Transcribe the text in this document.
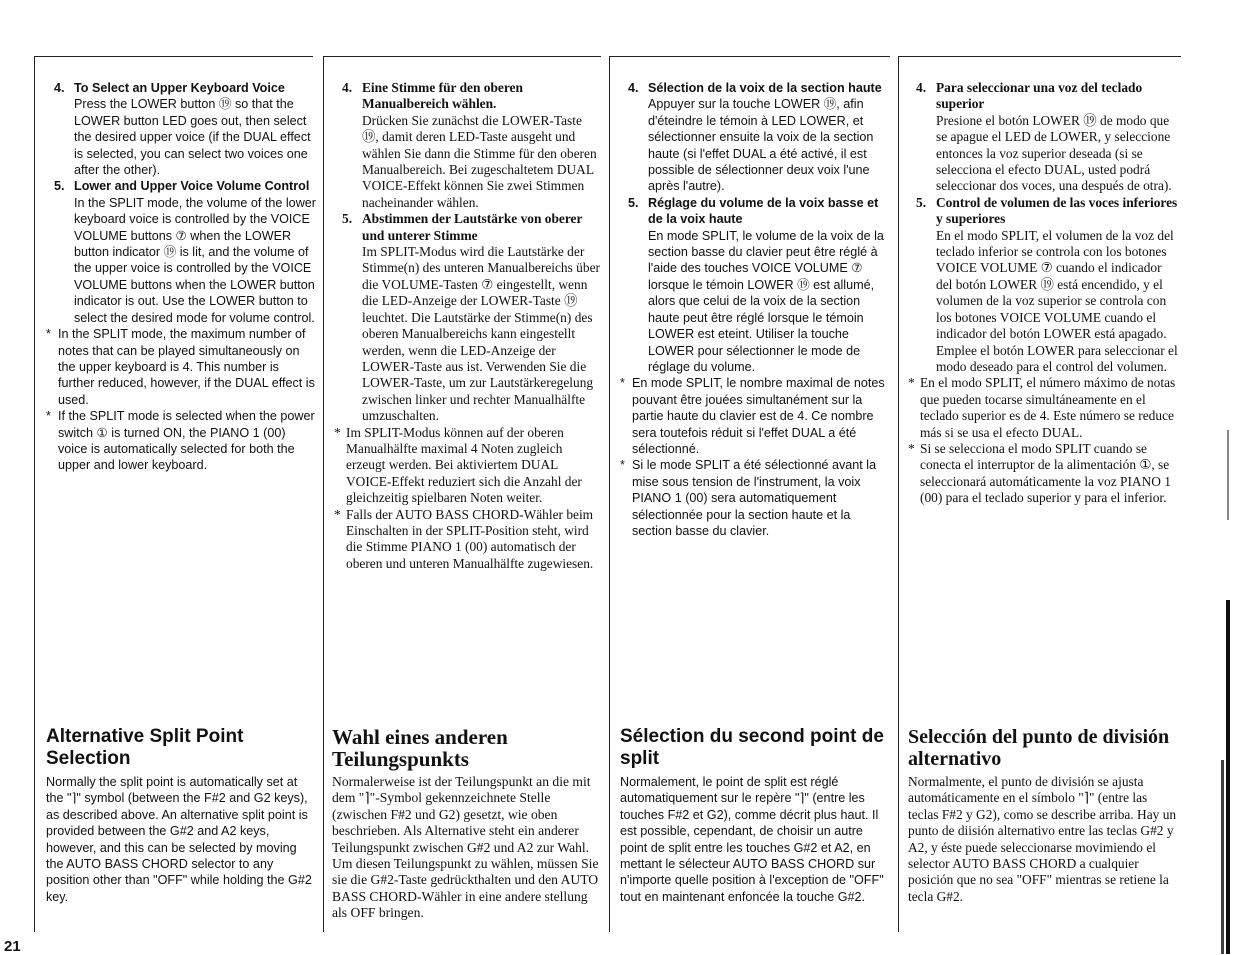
4. To Select an Upper Keyboard Voice
Press the LOWER button ⑲ so that the LOWER button LED goes out, then select the desired upper voice (if the DUAL effect is selected, you can select two voices one after the other).
5. Lower and Upper Voice Volume Control
In the SPLIT mode, the volume of the lower keyboard voice is controlled by the VOICE VOLUME buttons ⑦ when the LOWER button indicator ⑲ is lit, and the volume of the upper voice is controlled by the VOICE VOLUME buttons when the LOWER button indicator is out. Use the LOWER button to select the desired mode for volume control.
* In the SPLIT mode, the maximum number of notes that can be played simultaneously on the upper keyboard is 4. This number is further reduced, however, if the DUAL effect is used.
* If the SPLIT mode is selected when the power switch ① is turned ON, the PIANO 1 (00) voice is automatically selected for both the upper and lower keyboard.
4. Eine Stimme für den oberen Manualbereich wählen.
Drücken Sie zunächst die LOWER-Taste ⑲, damit deren LED-Taste ausgeht und wählen Sie dann die Stimme für den oberen Manualbereich. Bei zugeschaltetem DUAL VOICE-Effekt können Sie zwei Stimmen nacheinander wählen.
5. Abstimmen der Lautstärke von oberer und unterer Stimme
Im SPLIT-Modus wird die Lautstärke der Stimme(n) des unteren Manualbereichs über die VOLUME-Tasten ⑦ eingestellt, wenn die LED-Anzeige der LOWER-Taste ⑲ leuchtet. Die Lautstärke der Stimme(n) des oberen Manualbereichs kann eingestellt werden, wenn die LED-Anzeige der LOWER-Taste aus ist. Verwenden Sie die LOWER-Taste, um zur Lautstärkeregelung zwischen linker und rechter Manualhälfte umzuschalten.
* Im SPLIT-Modus können auf der oberen Manualhälfte maximal 4 Noten zugleich erzeugt werden. Bei aktiviertem DUAL VOICE-Effekt reduziert sich die Anzahl der gleichzeitig spielbaren Noten weiter.
* Falls der AUTO BASS CHORD-Wähler beim Einschalten in der SPLIT-Position steht, wird die Stimme PIANO 1 (00) automatisch der oberen und unteren Manualhälfte zugewiesen.
4. Sélection de la voix de la section haute
Appuyer sur la touche LOWER ⑲, afin d'éteindre le témoin à LED LOWER, et sélectionner ensuite la voix de la section haute (si l'effet DUAL a été activé, il est possible de sélectionner deux voix l'une après l'autre).
5. Réglage du volume de la voix basse et de la voix haute
En mode SPLIT, le volume de la voix de la section basse du clavier peut être réglé à l'aide des touches VOICE VOLUME ⑦ lorsque le témoin LOWER ⑲ est allumé, alors que celui de la voix de la section haute peut être réglé lorsque le témoin LOWER est eteint. Utiliser la touche LOWER pour sélectionner le mode de réglage du volume.
* En mode SPLIT, le nombre maximal de notes pouvant être jouées simultanément sur la partie haute du clavier est de 4. Ce nombre sera toutefois réduit si l'effet DUAL a été sélectionné.
* Si le mode SPLIT a été sélectionné avant la mise sous tension de l'instrument, la voix PIANO 1 (00) sera automatiquement sélectionnée pour la section haute et la section basse du clavier.
4. Para seleccionar una voz del teclado superior
Presione el botón LOWER ⑲ de modo que se apague el LED de LOWER, y seleccione entonces la voz superior deseada (si se selecciona el efecto DUAL, usted podrá seleccionar dos voces, una después de otra).
5. Control de volumen de las voces inferiores y superiores
En el modo SPLIT, el volumen de la voz del teclado inferior se controla con los botones VOICE VOLUME ⑦ cuando el indicador del botón LOWER ⑲ está encendido, y el volumen de la voz superior se controla con los botones VOICE VOLUME cuando el indicador del botón LOWER está apagado. Emplee el botón LOWER para seleccionar el modo deseado para el control del volumen.
* En el modo SPLIT, el número máximo de notas que pueden tocarse simultáneamente en el teclado superior es de 4. Este número se reduce más si se usa el efecto DUAL.
* Si se selecciona el modo SPLIT cuando se conecta el interruptor de la alimentación ①, se seleccionará automáticamente la voz PIANO 1 (00) para el teclado superior y para el inferior.
Alternative Split Point Selection

Normally the split point is automatically set at the "⌉" symbol (between the F#2 and G2 keys), as described above. An alternative split point is provided between the G#2 and A2 keys, however, and this can be selected by moving the AUTO BASS CHORD selector to any position other than "OFF" while holding the G#2 key.

Wahl eines anderen Teilungspunkts

Normalerweise ist der Teilungspunkt an die mit dem "⌉"-Symbol gekennzeichnete Stelle (zwischen F#2 und G2) gesetzt, wie oben beschrieben. Als Alternative steht ein anderer Teilungspunkt zwischen G#2 und A2 zur Wahl. Um diesen Teilungspunkt zu wählen, müssen Sie sie die G#2-Taste gedrückthalten und den AUTO BASS CHORD-Wähler in eine andere stellung als OFF bringen.

Sélection du second point de split

Normalement, le point de split est réglé automatiquement sur le repère "⌉" (entre les touches F#2 et G2), comme décrit plus haut. Il est possible, cependant, de choisir un autre point de split entre les touches G#2 et A2, en mettant le sélecteur AUTO BASS CHORD sur n'importe quelle position à l'exception de "OFF" tout en maintenant enfoncée la touche G#2.

Selección del punto de división alternativo

Normalmente, el punto de división se ajusta automáticamente en el símbolo "⌉" (entre las teclas F#2 y G2), como se describe arriba. Hay un punto de diisión alternativo entre las teclas G#2 y A2, y éste puede seleccionarse movimiendo el selector AUTO BASS CHORD a cualquier posición que no sea "OFF" mientras se retiene la tecla G#2.

21
